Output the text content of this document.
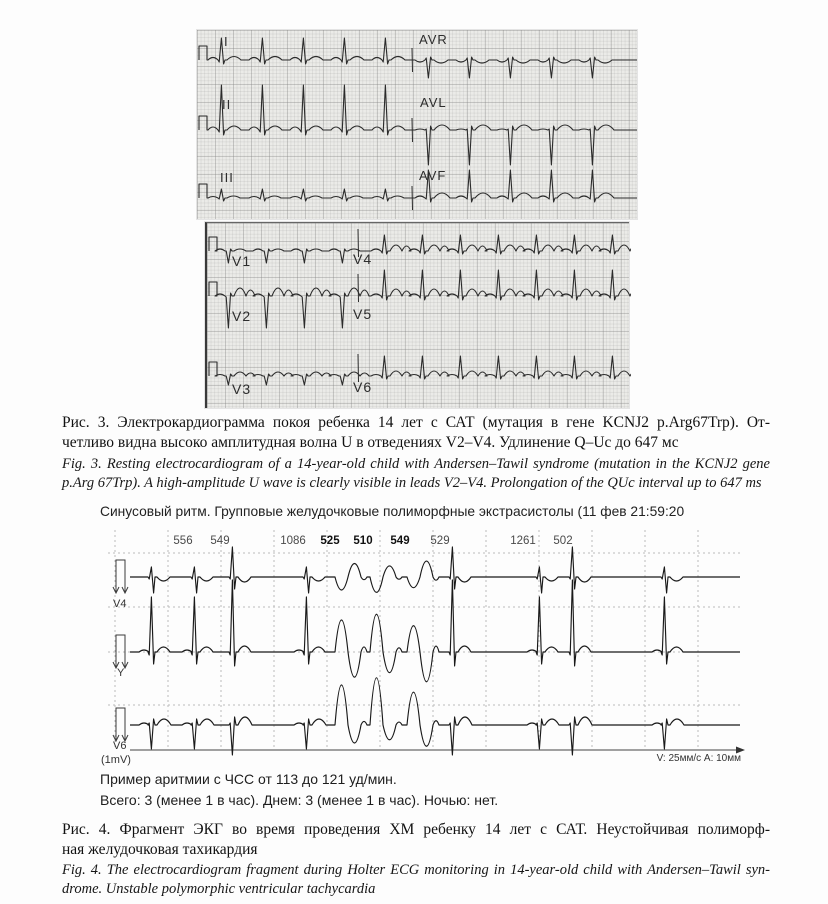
I
II
III
AVR
AVL
AVF
V1	V4
V2	V5
V3	V6
Рис. 3. Электрокардиограмма покоя ребенка 14 лет с САТ (мутация в гене KCNJ2 p.Arg67Trp). От-
четливо видна высоко амплитудная волна U в отведениях V2–V4. Удлинение Q–Uc до 647 мс
Fig. 3. Resting electrocardiogram of a 14-year-old child with Andersen–Tawil syndrome (mutation in the KCNJ2 gene
p.Arg 67Trp). A high-amplitude U wave is clearly visible in leads V2–V4. Prolongation of the QUc interval up to 647 ms
Синусовый ритм. Групповые желудочковые полиморфные экстрасистолы (11 фев 21:59:20
556 549	1086 525 510 549 529	1261 502
V4
Y
V6
(1mV)	V: 25мм/с А: 10мм
Пример аритмии с ЧСС от 113 до 121 уд/мин.
Всего: 3 (менее 1 в час). Днем: 3 (менее 1 в час). Ночью: нет.
Рис. 4. Фрагмент ЭКГ во время проведения ХМ ребенку 14 лет с САТ. Неустойчивая полиморф-
ная желудочковая тахикардия
Fig. 4. The electrocardiogram fragment during Holter ECG monitoring in 14-year-old child with Andersen–Tawil syn-
drome. Unstable polymorphic ventricular tachycardia
